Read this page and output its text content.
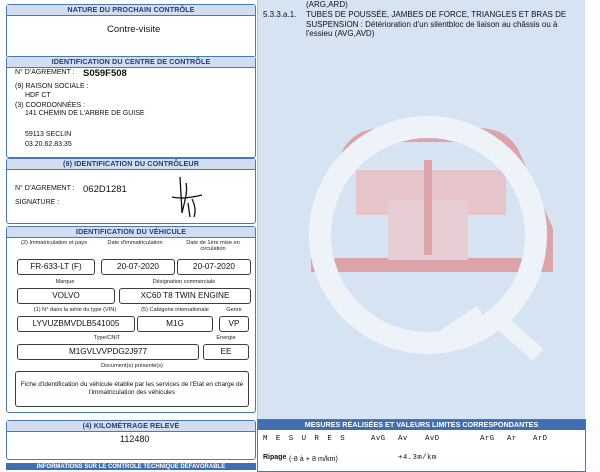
NATURE DU PROCHAIN CONTRÔLE
Contre-visite
IDENTIFICATION DU CENTRE DE CONTRÔLE
N° D'AGREMENT : S059F508
(9) RAISON SOCIALE :
HDF CT
(3) COORDONNÉES :
141 CHEMIN DE L'ARBRE DE GUISE
59113 SECLIN
03.20.62.83.35
(9) IDENTIFICATION DU CONTRÔLEUR
N° D'AGREMENT : 062D1281
SIGNATURE :
IDENTIFICATION DU VÉHICULE
(2) Immatriculation et pays	Date d'immatriculation	Date de 1ère mise en circulation
FR-633-LT (F)	20-07-2020	20-07-2020
Marque	Désignation commerciale
VOLVO	XC60 T8 TWIN ENGINE
(1) N° dans la série du type (VIN)	(5) Catégorie internationale	Genre
LYVUZBMVDLB541005	M1G	VP
Type/CNIT	Énergie
M1GVLVVPDG2J977	EE
Document(s) présenté(s)
Fiche d'identification du véhicule établie par les services de l'Etat en charge de l'immatriculation des véhicules
(4) KILOMÉTRAGE RELEVÉ
112480
INFORMATIONS SUR LE CONTRÔLE TECHNIQUE DÉFAVORABLE
(ARG,ARD)
5.3.3.a.1. TUBES DE POUSSÉE, JAMBES DE FORCE, TRIANGLES ET BRAS DE
SUSPENSION : Détérioration d'un silentbloc de liaison au châssis ou à
l'essieu (AVG,AVD)
MESURES RÉALISÉES ET VALEURS LIMITES CORRESPONDANTES
M E S U R E S	AvG Av AvD	ArG Ar ArD
Ripage (-8 à + 8 m/km)	+4.3m/km
